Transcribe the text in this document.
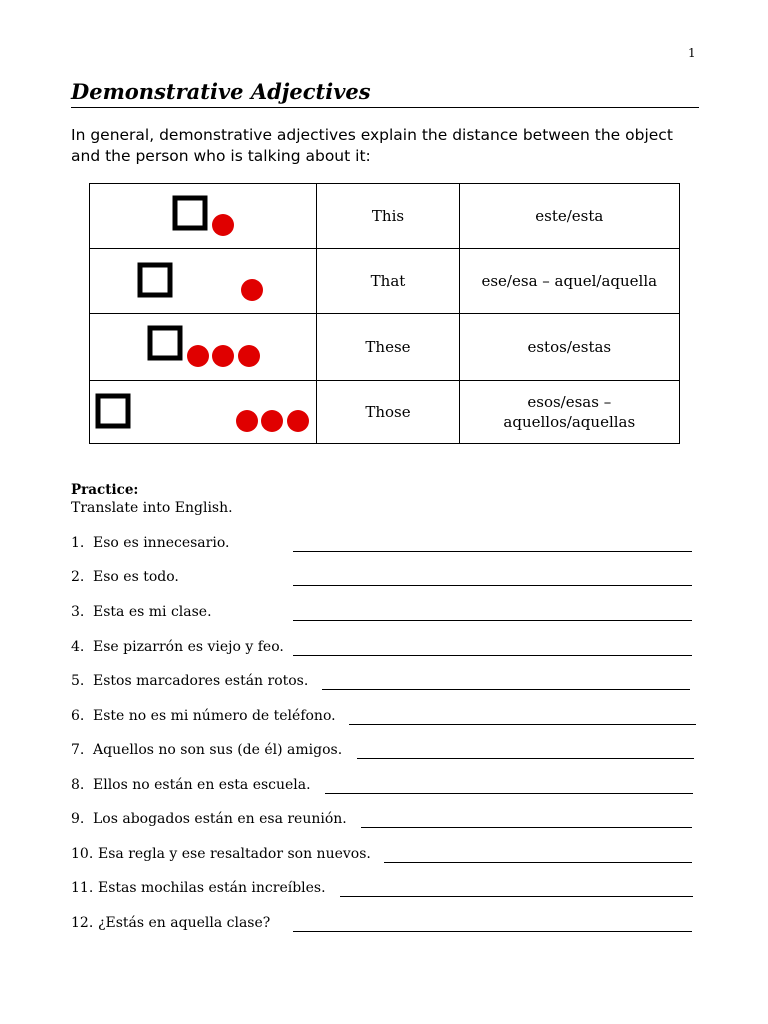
1
Demonstrative Adjectives

In general, demonstrative adjectives explain the distance between the object and the person who is talking about it:

	This	este/esta

	That	ese/esa – aquel/aquella

	These	estos/estas

	Those	esos/esas –
aquellos/aquellas
Practice:
Translate into English.
1. Eso es innecesario.
2. Eso es todo.
3. Esta es mi clase.
4. Ese pizarrón es viejo y feo.
5. Estos marcadores están rotos.
6. Este no es mi número de teléfono.
7. Aquellos no son sus (de él) amigos.
8. Ellos no están en esta escuela.
9. Los abogados están en esa reunión.
10. Esa regla y ese resaltador son nuevos.
11. Estas mochilas están increíbles.
12. ¿Estás en aquella clase?
